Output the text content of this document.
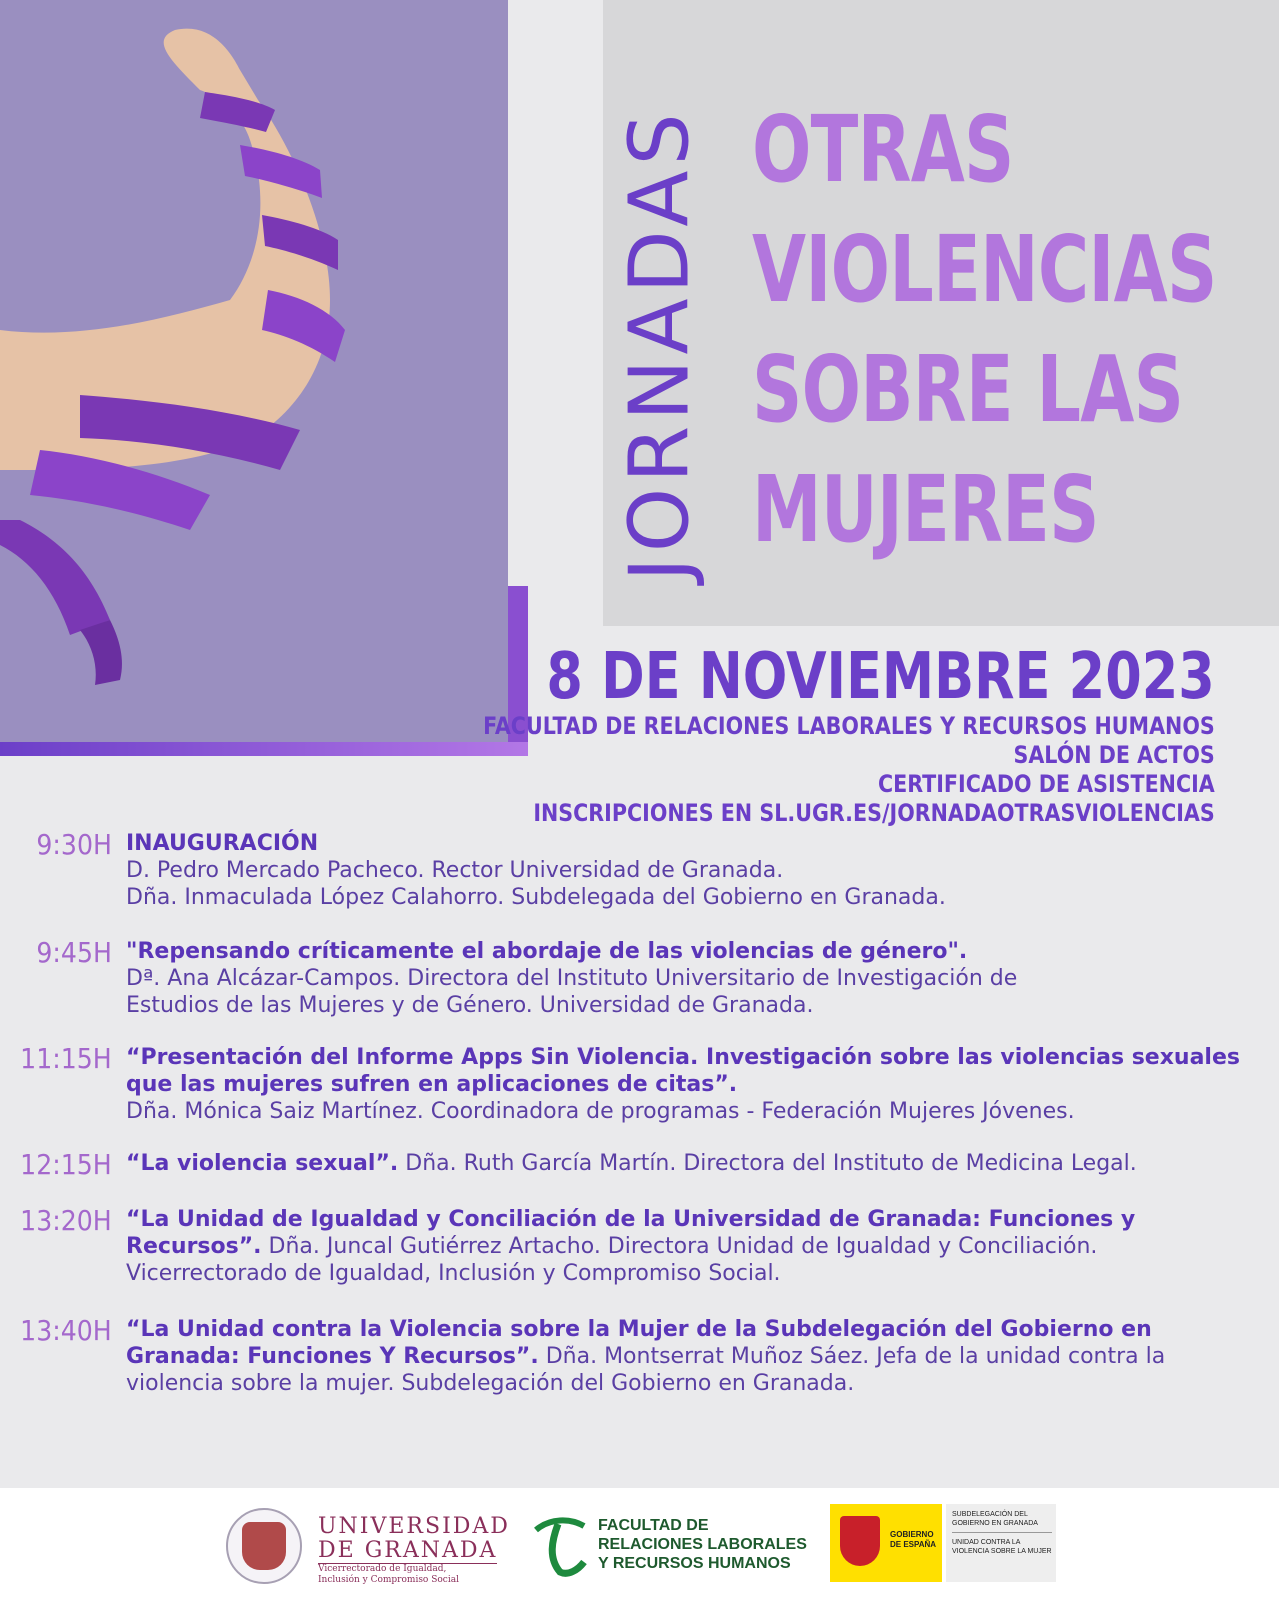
JORNADAS OTRAS
VIOLENCIAS
SOBRE LAS
MUJERES
8 DE NOVIEMBRE 2023
FACULTAD DE RELACIONES LABORALES Y RECURSOS HUMANOS
SALÓN DE ACTOS
CERTIFICADO DE ASISTENCIA
INSCRIPCIONES EN SL.UGR.ES/JORNADAOTRASVIOLENCIAS
9:30H INAUGURACIÓN
D. Pedro Mercado Pacheco. Rector Universidad de Granada.
Dña. Inmaculada López Calahorro. Subdelegada del Gobierno en Granada.
9:45H "Repensando críticamente el abordaje de las violencias de género".
Dª. Ana Alcázar-Campos. Directora del Instituto Universitario de Investigación de
Estudios de las Mujeres y de Género. Universidad de Granada.
11:15H “Presentación del Informe Apps Sin Violencia. Investigación sobre las violencias sexuales que las mujeres sufren en aplicaciones de citas”.
Dña. Mónica Saiz Martínez. Coordinadora de programas - Federación Mujeres Jóvenes.
12:15H “La violencia sexual”. Dña. Ruth García Martín. Directora del Instituto de Medicina Legal.
13:20H “La Unidad de Igualdad y Conciliación de la Universidad de Granada: Funciones y Recursos”. Dña. Juncal Gutiérrez Artacho. Directora Unidad de Igualdad y Conciliación. Vicerrectorado de Igualdad, Inclusión y Compromiso Social.
13:40H “La Unidad contra la Violencia sobre la Mujer de la Subdelegación del Gobierno en Granada: Funciones Y Recursos”. Dña. Montserrat Muñoz Sáez. Jefa de la unidad contra la violencia sobre la mujer. Subdelegación del Gobierno en Granada.
UNIVERSIDAD
DE GRANADA
Vicerrectorado de Igualdad, Inclusión y Compromiso Social
FACULTAD DE
RELACIONES LABORALES
Y RECURSOS HUMANOS
GOBIERNO
DE ESPAÑA
SUBDELEGACIÓN DEL GOBIERNO EN GRANADA
UNIDAD CONTRA LA VIOLENCIA SOBRE LA MUJER
